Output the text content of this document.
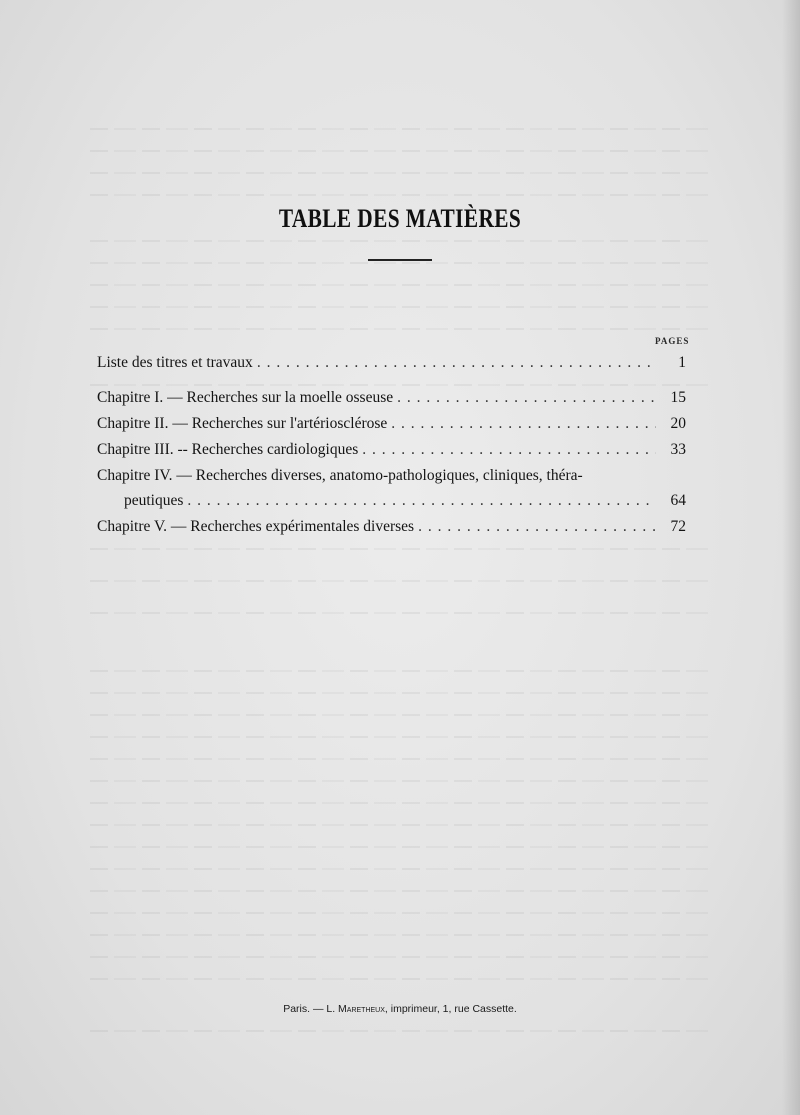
TABLE DES MATIÈRES
PAGES
Liste des titres et travaux . . .	1
Chapitre I. — Recherches sur la moelle osseuse . . .	15
Chapitre II. — Recherches sur l'artériosclérose . . .	20
Chapitre III. -- Recherches cardiologiques . . .	33
Chapitre IV. — Recherches diverses, anatomo-pathologiques, cliniques, théra-
peutiques . . .	64
Chapitre V. — Recherches expérimentales diverses . . .	72
Paris. — L. Maretheux, imprimeur, 1, rue Cassette.
